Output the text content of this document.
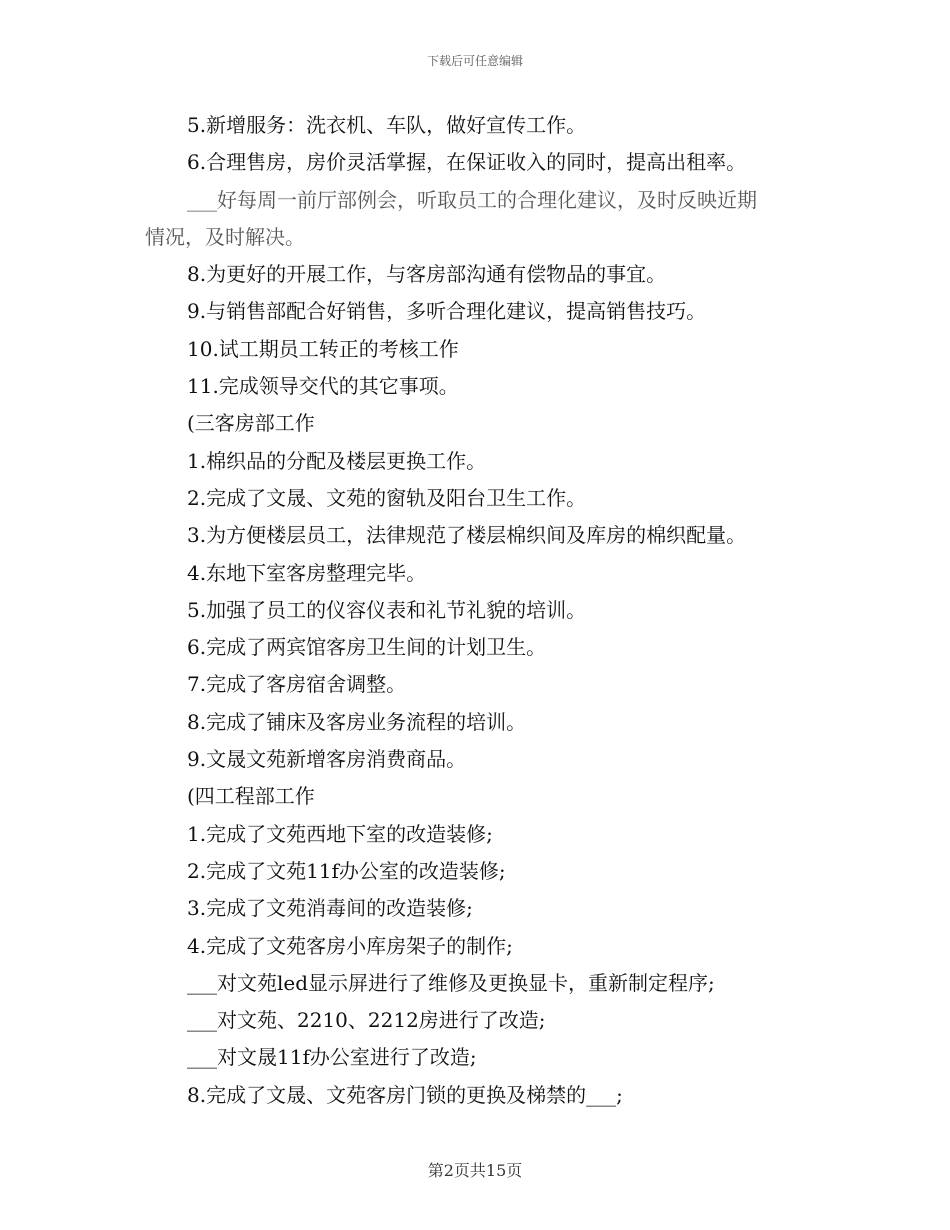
下载后可任意编辑
5.新增服务：洗衣机、车队，做好宣传工作。
6.合理售房，房价灵活掌握，在保证收入的同时，提高出租率。
___好每周一前厅部例会，听取员工的合理化建议，及时反映近期
情况，及时解决。
8.为更好的开展工作，与客房部沟通有偿物品的事宜。
9.与销售部配合好销售，多听合理化建议，提高销售技巧。
10.试工期员工转正的考核工作
11.完成领导交代的其它事项。
(三客房部工作
1.棉织品的分配及楼层更换工作。
2.完成了文晟、文苑的窗轨及阳台卫生工作。
3.为方便楼层员工，法律规范了楼层棉织间及库房的棉织配量。
4.东地下室客房整理完毕。
5.加强了员工的仪容仪表和礼节礼貌的培训。
6.完成了两宾馆客房卫生间的计划卫生。
7.完成了客房宿舍调整。
8.完成了铺床及客房业务流程的培训。
9.文晟文苑新增客房消费商品。
(四工程部工作
1.完成了文苑西地下室的改造装修;
2.完成了文苑11f办公室的改造装修;
3.完成了文苑消毒间的改造装修;
4.完成了文苑客房小库房架子的制作;
___对文苑led显示屏进行了维修及更换显卡，重新制定程序;
___对文苑、2210、2212房进行了改造;
___对文晟11f办公室进行了改造;
8.完成了文晟、文苑客房门锁的更换及梯禁的___;
第2页共15页
